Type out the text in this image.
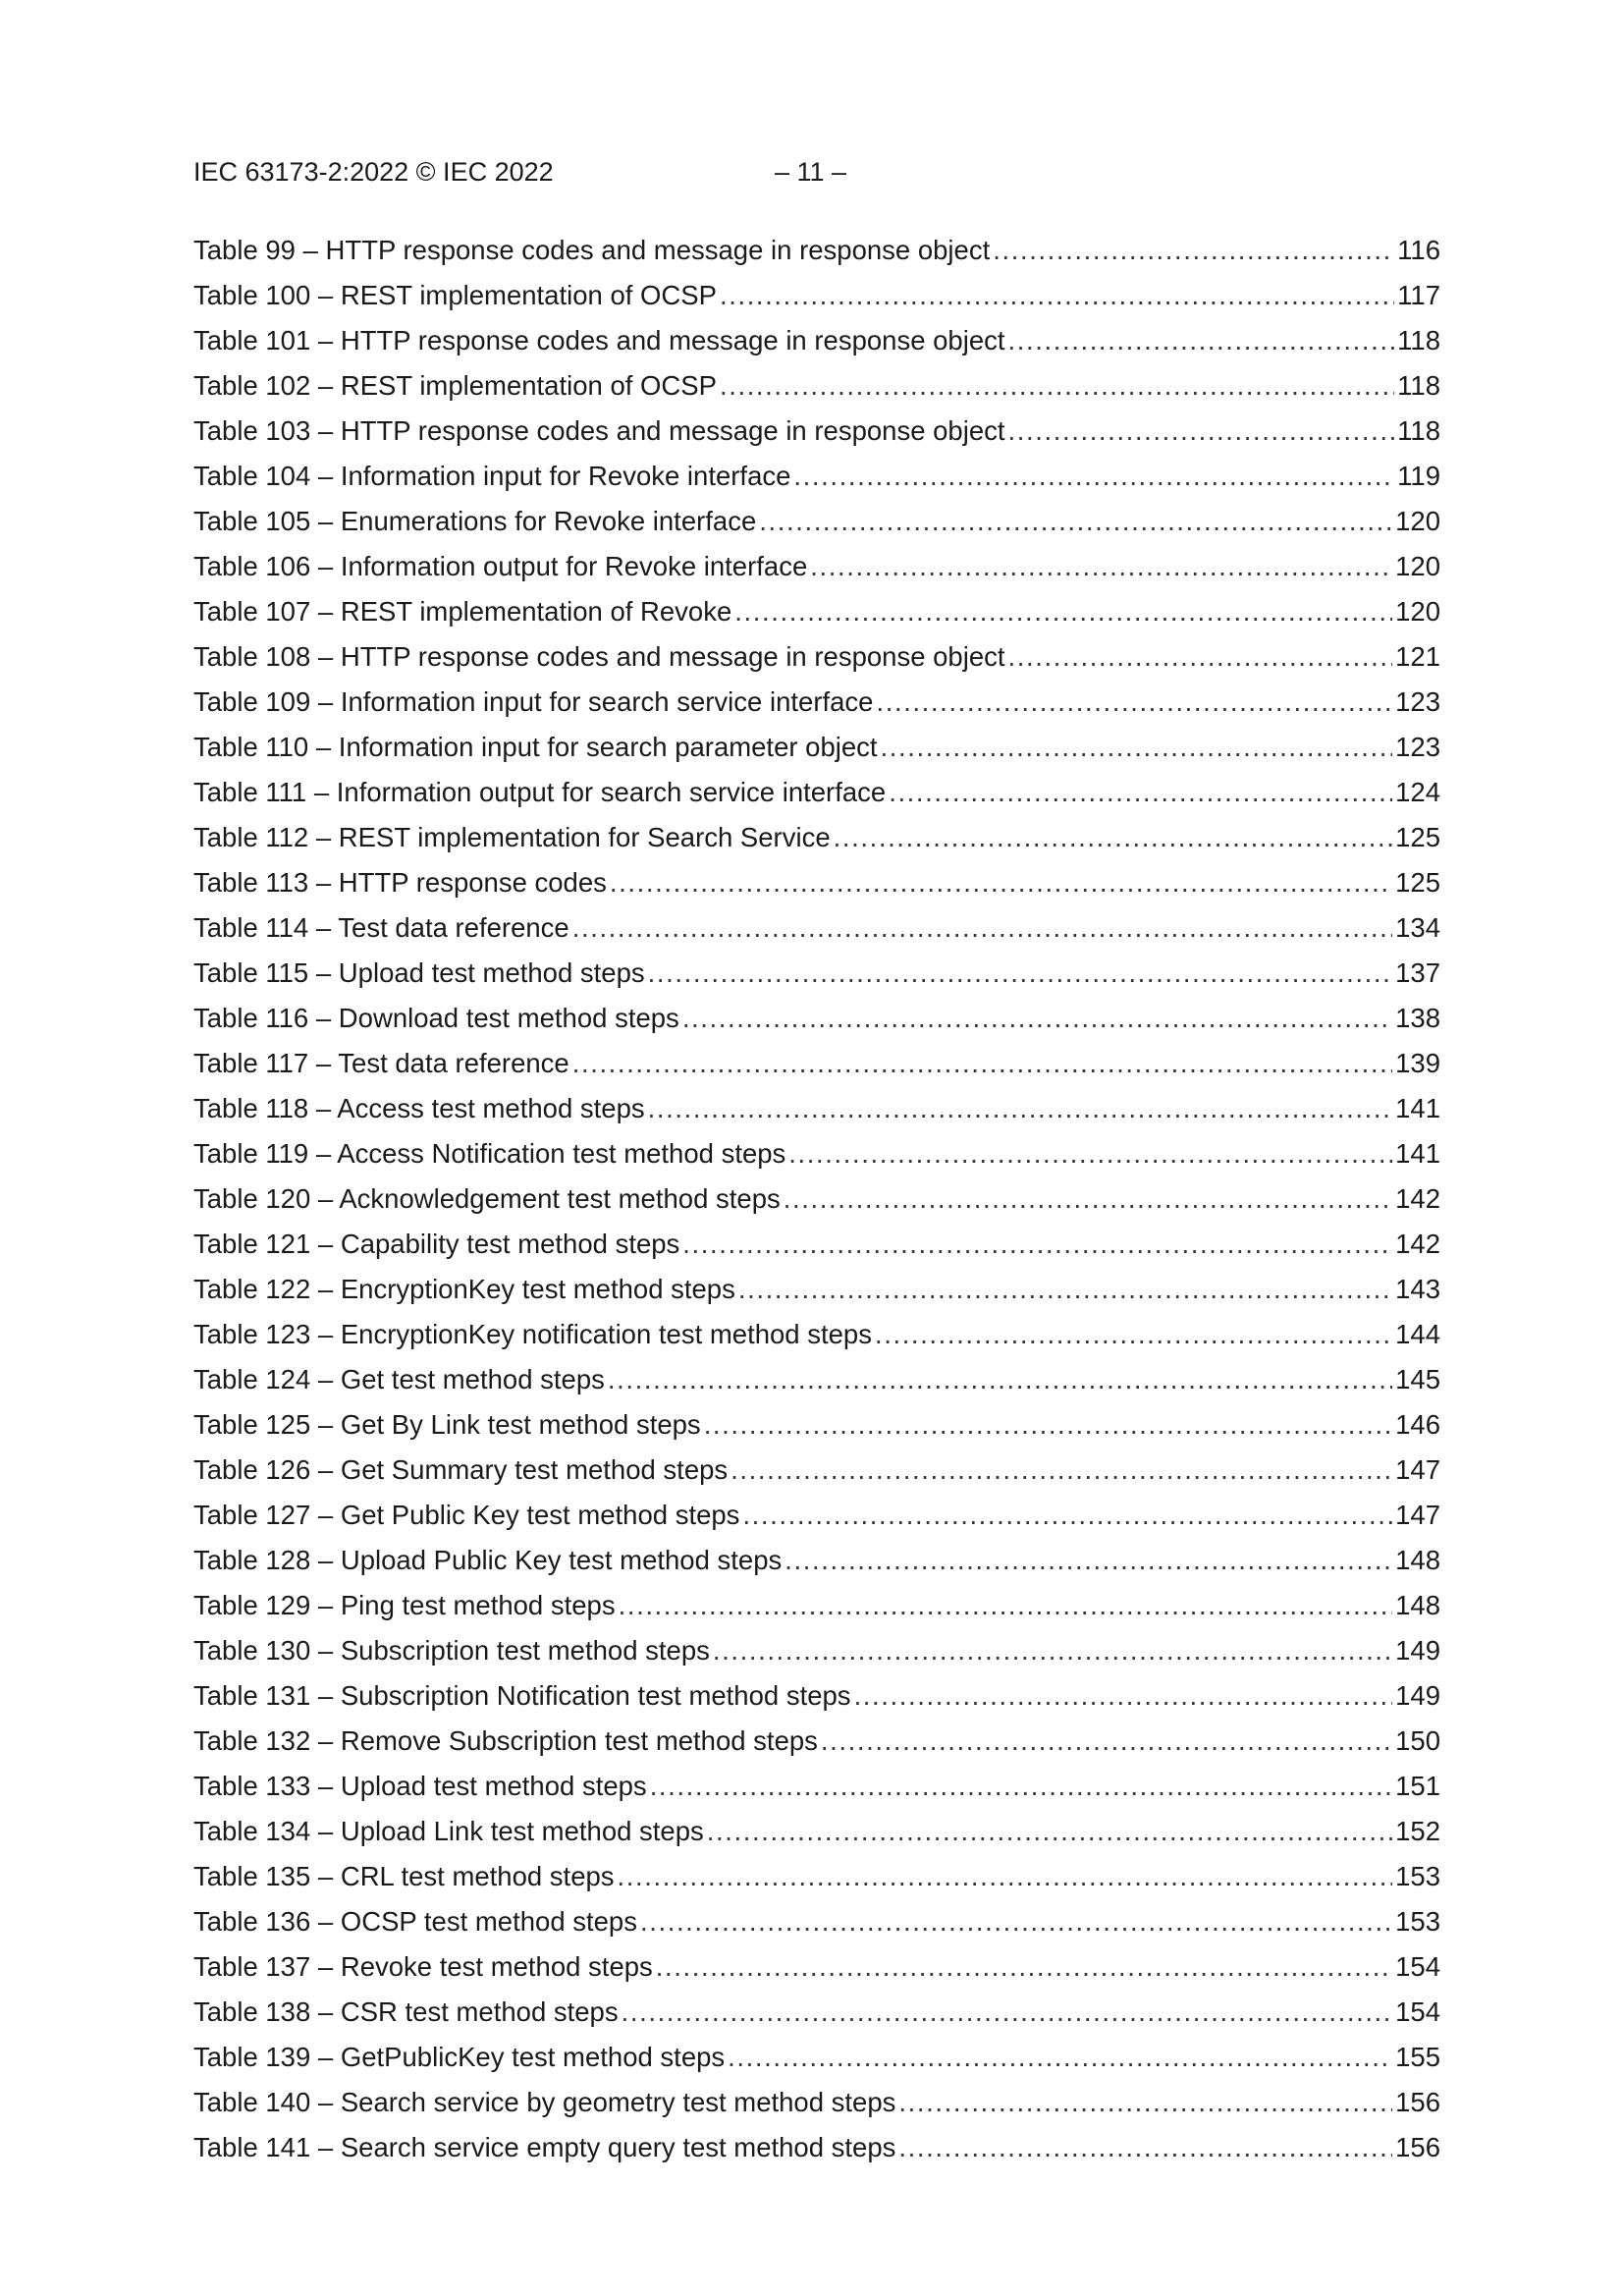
IEC 63173-2:2022 © IEC 2022	– 11 –
Table 99 – HTTP response codes and message in response object .....	116
Table 100 – REST implementation of OCSP .....	117
Table 101 – HTTP response codes and message in response object .....	118
Table 102 – REST implementation of OCSP .....	118
Table 103 – HTTP response codes and message in response object .....	118
Table 104 – Information input for Revoke interface .....	119
Table 105 – Enumerations for Revoke interface .....	120
Table 106 – Information output for Revoke interface .....	120
Table 107 – REST implementation of Revoke .....	120
Table 108 – HTTP response codes and message in response object .....	121
Table 109 – Information input for search service interface .....	123
Table 110 – Information input for search parameter object .....	123
Table 111 – Information output for search service interface .....	124
Table 112 – REST implementation for Search Service .....	125
Table 113 – HTTP response codes .....	125
Table 114 – Test data reference .....	134
Table 115 – Upload test method steps .....	137
Table 116 – Download test method steps .....	138
Table 117 – Test data reference .....	139
Table 118 – Access test method steps .....	141
Table 119 – Access Notification test method steps .....	141
Table 120 – Acknowledgement test method steps .....	142
Table 121 – Capability test method steps .....	142
Table 122 – EncryptionKey test method steps .....	143
Table 123 – EncryptionKey notification test method steps .....	144
Table 124 – Get test method steps .....	145
Table 125 – Get By Link test method steps .....	146
Table 126 – Get Summary test method steps .....	147
Table 127 – Get Public Key test method steps .....	147
Table 128 – Upload Public Key test method steps .....	148
Table 129 – Ping test method steps .....	148
Table 130 – Subscription test method steps .....	149
Table 131 – Subscription Notification test method steps .....	149
Table 132 – Remove Subscription test method steps .....	150
Table 133 – Upload test method steps .....	151
Table 134 – Upload Link test method steps .....	152
Table 135 – CRL test method steps .....	153
Table 136 – OCSP test method steps .....	153
Table 137 – Revoke test method steps .....	154
Table 138 – CSR test method steps .....	154
Table 139 – GetPublicKey test method steps .....	155
Table 140 – Search service by geometry test method steps .....	156
Table 141 – Search service empty query test method steps .....	156
